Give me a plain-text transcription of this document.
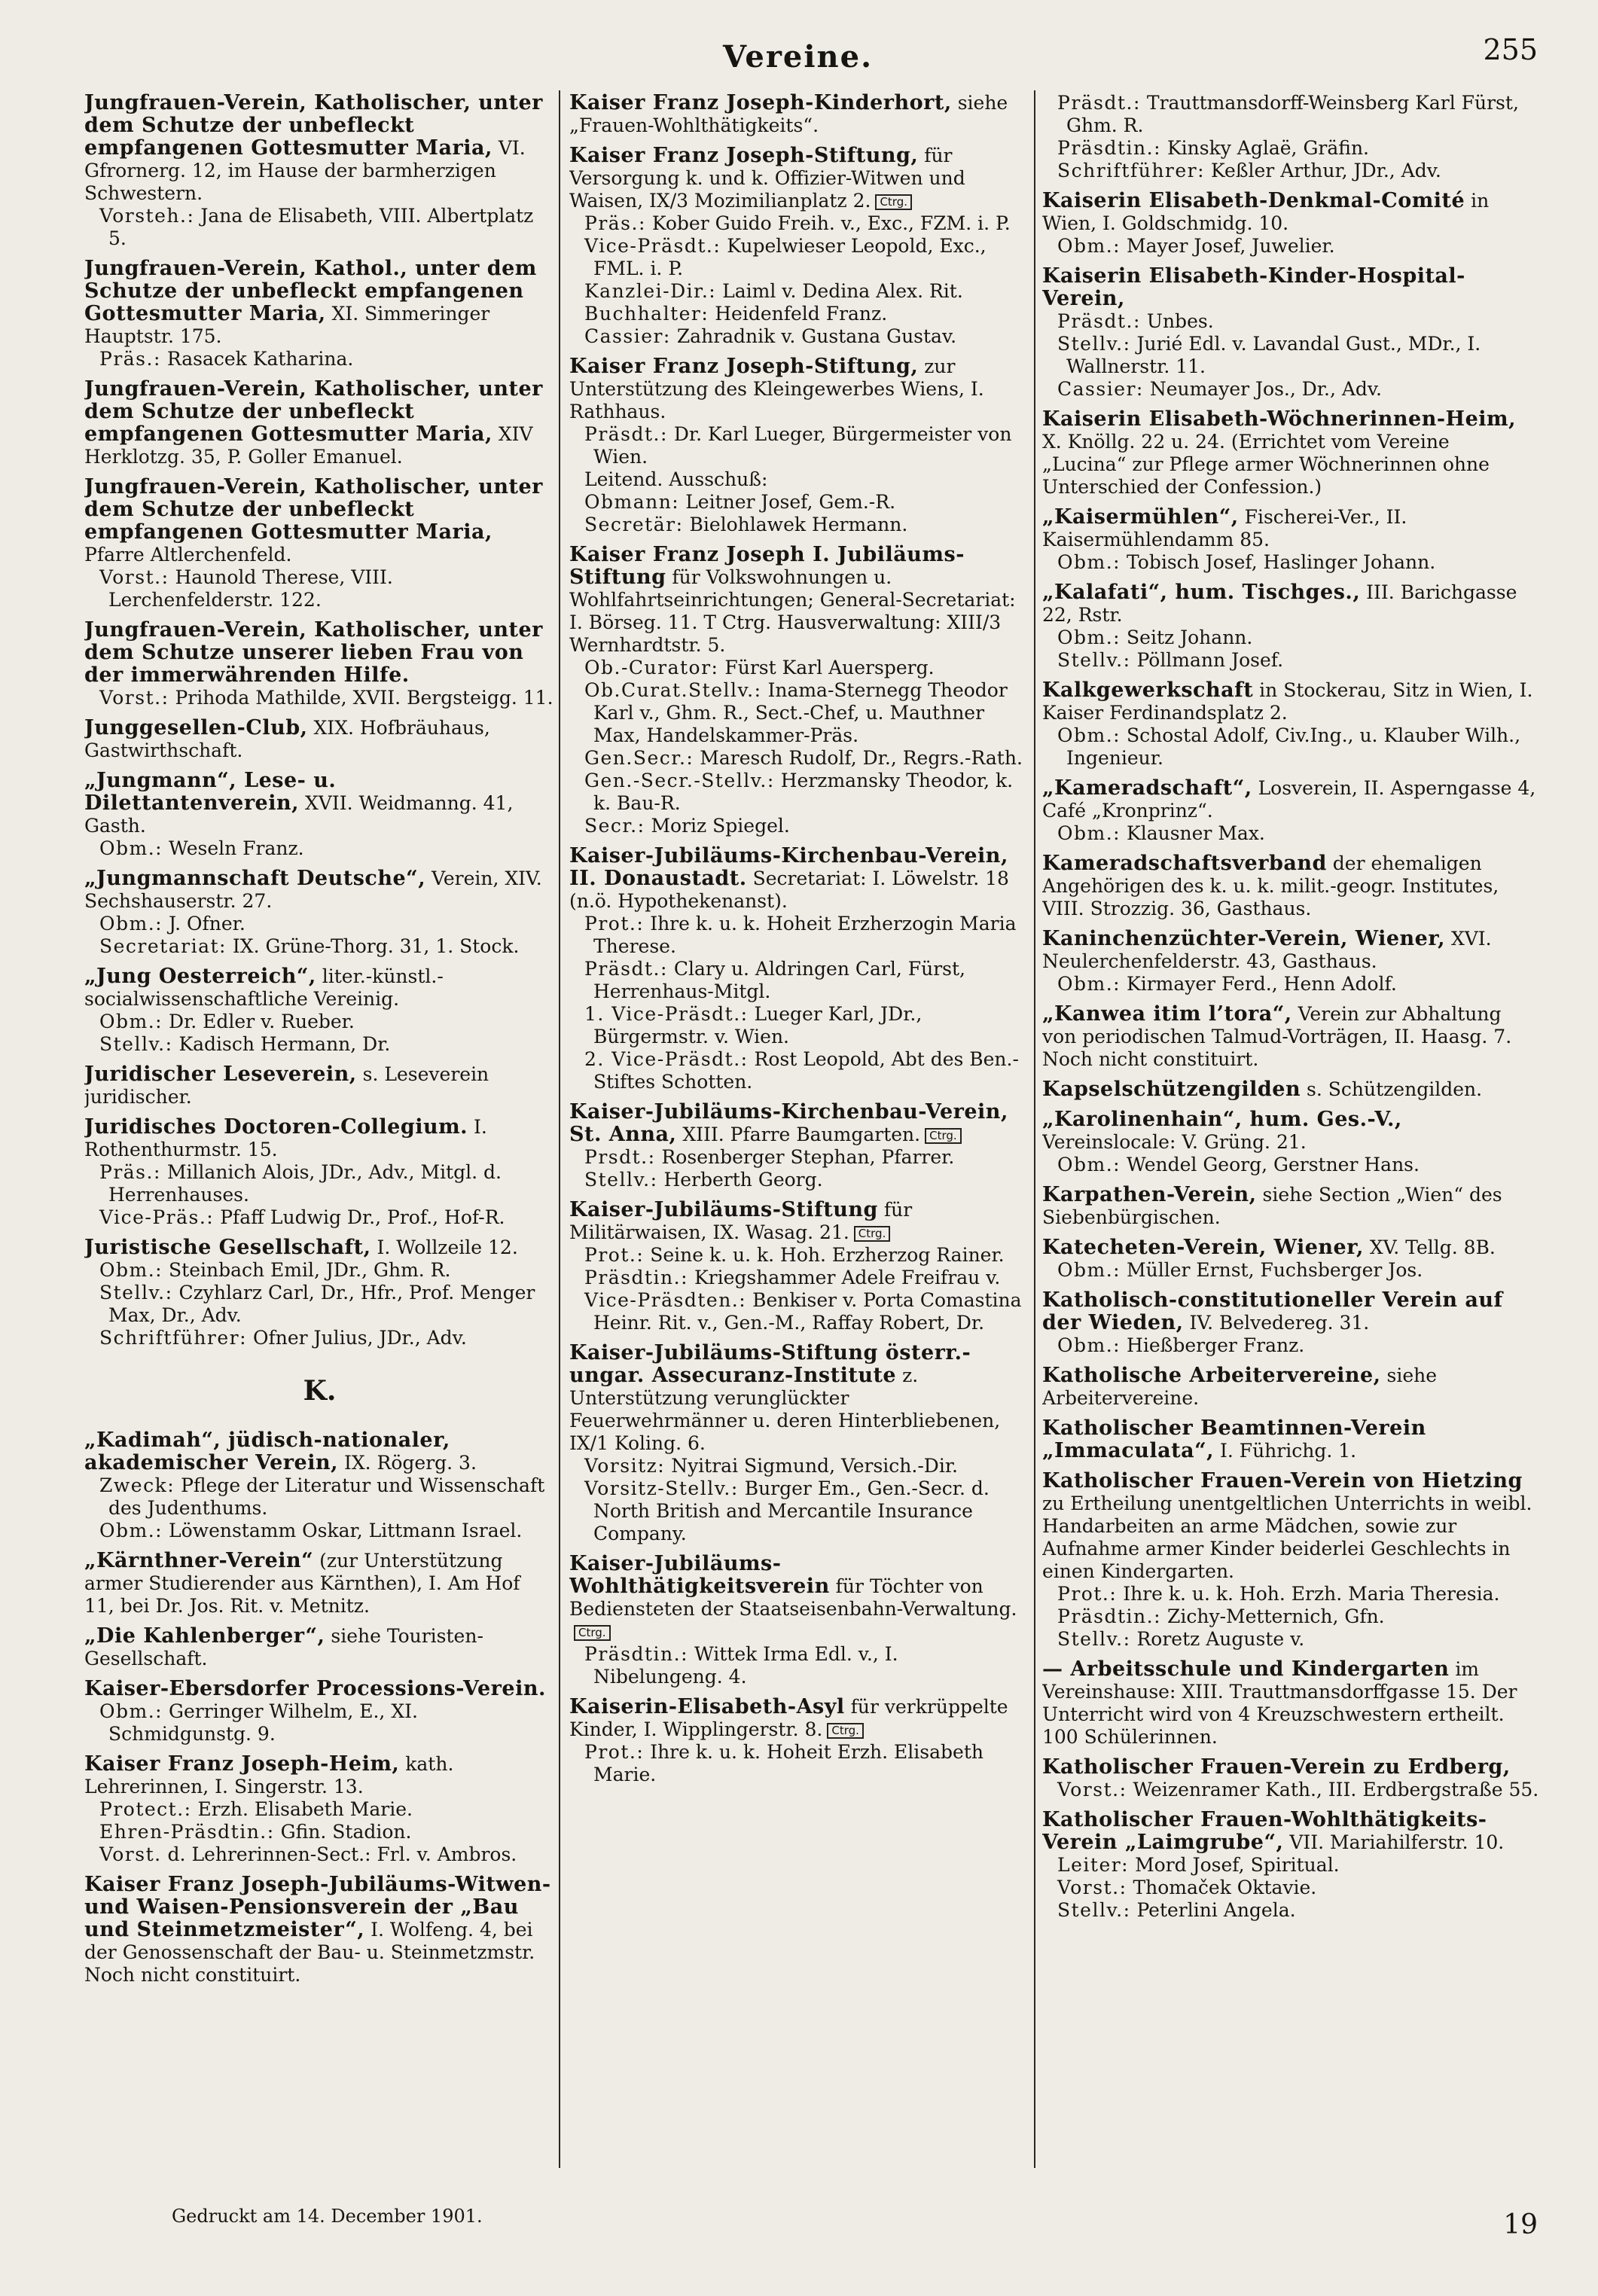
Vereine.	255
Jungfrauen-Verein, Katholischer, unter dem Schutze der unbefleckt empfangenen Gottesmutter Maria, VI. Gfrornerg. 12, im Hause der barmherzigen Schwestern.
Vorsteh.: Jana de Elisabeth, VIII. Albertplatz 5.
Jungfrauen-Verein, Kathol., unter dem Schutze der unbefleckt empfangenen Gottesmutter Maria, XI. Simmeringer Hauptstr. 175.
Präs.: Rasacek Katharina.
Jungfrauen-Verein, Katholischer, unter dem Schutze der unbefleckt empfangenen Gottesmutter Maria, XIV Herklotzg. 35, P. Goller Emanuel.
Jungfrauen-Verein, Katholischer, unter dem Schutze der unbefleckt empfangenen Gottesmutter Maria, Pfarre Altlerchenfeld.
Vorst.: Haunold Therese, VIII. Lerchenfelderstr. 122.
Jungfrauen-Verein, Katholischer, unter dem Schutze unserer lieben Frau von der immerwährenden Hilfe.
Vorst.: Prihoda Mathilde, XVII. Bergsteigg. 11.
Junggesellen-Club, XIX. Hofbräuhaus, Gastwirthschaft.
„Jungmann“, Lese- u. Dilettantenverein, XVII. Weidmanng. 41, Gasth.
Obm.: Weseln Franz.
„Jungmannschaft Deutsche“, Verein, XIV. Sechshauserstr. 27.
Obm.: J. Ofner.
Secretariat: IX. Grüne-Thorg. 31, 1. Stock.
„Jung Oesterreich“, liter.-künstl.-socialwissenschaftliche Vereinig.
Obm.: Dr. Edler v. Rueber.
Stellv.: Kadisch Hermann, Dr.
Juridischer Leseverein, s. Leseverein juridischer.
Juridisches Doctoren-Collegium. I. Rothenthurmstr. 15.
Präs.: Millanich Alois, JDr., Adv., Mitgl. d. Herrenhauses.
Vice-Präs.: Pfaff Ludwig Dr., Prof., Hof-R.
Juristische Gesellschaft, I. Wollzeile 12.
Obm.: Steinbach Emil, JDr., Ghm. R.
Stellv.: Czyhlarz Carl, Dr., Hfr., Prof. Menger Max, Dr., Adv.
Schriftführer: Ofner Julius, JDr., Adv.
K.
„Kadimah“, jüdisch-nationaler, akademischer Verein, IX. Rögerg. 3.
Zweck: Pflege der Literatur und Wissenschaft des Judenthums.
Obm.: Löwenstamm Oskar, Littmann Israel.
„Kärnthner-Verein“ (zur Unterstützung armer Studierender aus Kärnthen), I. Am Hof 11, bei Dr. Jos. Rit. v. Metnitz.
„Die Kahlenberger“, siehe Touristen-Gesellschaft.
Kaiser-Ebersdorfer Processions-Verein.
Obm.: Gerringer Wilhelm, E., XI. Schmidgunstg. 9.
Kaiser Franz Joseph-Heim, kath. Lehrerinnen, I. Singerstr. 13.
Protect.: Erzh. Elisabeth Marie.
Ehren-Präsdtin.: Gfin. Stadion.
Vorst. d. Lehrerinnen-Sect.: Frl. v. Ambros.
Kaiser Franz Joseph-Jubiläums-Witwen- und Waisen-Pensionsverein der „Bau und Steinmetzmeister“, I. Wolfeng. 4, bei der Genossenschaft der Bau- u. Steinmetzmstr. Noch nicht constituirt.
Kaiser Franz Joseph-Kinderhort, siehe „Frauen-Wohlthätigkeits“.
Kaiser Franz Joseph-Stiftung, für Versorgung k. und k. Offizier-Witwen und Waisen, IX/3 Mozimilianplatz 2. Ctrg.
Präs.: Kober Guido Freih. v., Exc., FZM. i. P.
Vice-Präsdt.: Kupelwieser Leopold, Exc., FML. i. P.
Kanzlei-Dir.: Laiml v. Dedina Alex. Rit.
Buchhalter: Heidenfeld Franz.
Cassier: Zahradnik v. Gustana Gustav.
Kaiser Franz Joseph-Stiftung, zur Unterstützung des Kleingewerbes Wiens, I. Rathhaus.
Präsdt.: Dr. Karl Lueger, Bürgermeister von Wien.
Leitend. Ausschuß:
Obmann: Leitner Josef, Gem.-R.
Secretär: Bielohlawek Hermann.
Kaiser Franz Joseph I. Jubiläums-Stiftung für Volkswohnungen u. Wohlfahrtseinrichtungen; General-Secretariat: I. Börseg. 11. T Ctrg. Hausverwaltung: XIII/3 Wernhardtstr. 5.
Ob.-Curator: Fürst Karl Auersperg.
Ob.Curat.Stellv.: Inama-Sternegg Theodor Karl v., Ghm. R., Sect.-Chef, u. Mauthner Max, Handelskammer-Präs.
Gen.Secr.: Maresch Rudolf, Dr., Regrs.-Rath.
Gen.-Secr.-Stellv.: Herzmansky Theodor, k. k. Bau-R.
Secr.: Moriz Spiegel.
Kaiser-Jubiläums-Kirchenbau-Verein, II. Donaustadt. Secretariat: I. Löwelstr. 18 (n.ö. Hypothekenanst).
Prot.: Ihre k. u. k. Hoheit Erzherzogin Maria Therese.
Präsdt.: Clary u. Aldringen Carl, Fürst, Herrenhaus-Mitgl.
1. Vice-Präsdt.: Lueger Karl, JDr., Bürgermstr. v. Wien.
2. Vice-Präsdt.: Rost Leopold, Abt des Ben.-Stiftes Schotten.
Kaiser-Jubiläums-Kirchenbau-Verein, St. Anna, XIII. Pfarre Baumgarten. Ctrg.
Prsdt.: Rosenberger Stephan, Pfarrer.
Stellv.: Herberth Georg.
Kaiser-Jubiläums-Stiftung für Militärwaisen, IX. Wasag. 21. Ctrg.
Prot.: Seine k. u. k. Hoh. Erzherzog Rainer.
Präsdtin.: Kriegshammer Adele Freifrau v.
Vice-Präsdten.: Benkiser v. Porta Comastina Heinr. Rit. v., Gen.-M., Raffay Robert, Dr.
Kaiser-Jubiläums-Stiftung österr.-ungar. Assecuranz-Institute z. Unterstützung verunglückter Feuerwehrmänner u. deren Hinterbliebenen, IX/1 Koling. 6.
Vorsitz: Nyitrai Sigmund, Versich.-Dir.
Vorsitz-Stellv.: Burger Em., Gen.-Secr. d. North British and Mercantile Insurance Company.
Kaiser-Jubiläums-Wohlthätigkeitsverein für Töchter von Bediensteten der Staatseisenbahn-Verwaltung.Ctrg.
Präsdtin.: Wittek Irma Edl. v., I. Nibelungeng. 4.
Kaiserin-Elisabeth-Asyl für verkrüppelte Kinder, I. Wipplingerstr. 8. Ctrg.
Prot.: Ihre k. u. k. Hoheit Erzh. Elisabeth Marie.
Präsdt.: Trauttmansdorff-Weinsberg Karl Fürst, Ghm. R.
Präsdtin.: Kinsky Aglaë, Gräfin.
Schriftführer: Keßler Arthur, JDr., Adv.
Kaiserin Elisabeth-Denkmal-Comité in Wien, I. Goldschmidg. 10.
Obm.: Mayer Josef, Juwelier.
Kaiserin Elisabeth-Kinder-Hospital-Verein,
Präsdt.: Unbes.
Stellv.: Jurié Edl. v. Lavandal Gust., MDr., I. Wallnerstr. 11.
Cassier: Neumayer Jos., Dr., Adv.
Kaiserin Elisabeth-Wöchnerinnen-Heim, X. Knöllg. 22 u. 24. (Errichtet vom Vereine „Lucina“ zur Pflege armer Wöchnerinnen ohne Unterschied der Confession.)
„Kaisermühlen“, Fischerei-Ver., II. Kaisermühlendamm 85.
Obm.: Tobisch Josef, Haslinger Johann.
„Kalafati“, hum. Tischges., III. Barichgasse 22, Rstr.
Obm.: Seitz Johann.
Stellv.: Pöllmann Josef.
Kalkgewerkschaft in Stockerau, Sitz in Wien, I. Kaiser Ferdinandsplatz 2.
Obm.: Schostal Adolf, Civ.Ing., u. Klauber Wilh., Ingenieur.
„Kameradschaft“, Losverein, II. Asperngasse 4, Café „Kronprinz“.
Obm.: Klausner Max.
Kameradschaftsverband der ehemaligen Angehörigen des k. u. k. milit.-geogr. Institutes, VIII. Strozzig. 36, Gasthaus.
Kaninchenzüchter-Verein, Wiener, XVI. Neulerchenfelderstr. 43, Gasthaus.
Obm.: Kirmayer Ferd., Henn Adolf.
„Kanwea itim l’tora“, Verein zur Abhaltung von periodischen Talmud-Vorträgen, II. Haasg. 7. Noch nicht constituirt.
Kapselschützengilden s. Schützengilden.
„Karolinenhain“, hum. Ges.-V., Vereinslocale: V. Grüng. 21.
Obm.: Wendel Georg, Gerstner Hans.
Karpathen-Verein, siehe Section „Wien“ des Siebenbürgischen.
Katecheten-Verein, Wiener, XV. Tellg. 8B.
Obm.: Müller Ernst, Fuchsberger Jos.
Katholisch-constitutioneller Verein auf der Wieden, IV. Belvedereg. 31.
Obm.: Hießberger Franz.
Katholische Arbeitervereine, siehe Arbeitervereine.
Katholischer Beamtinnen-Verein „Immaculata“, I. Führichg. 1.
Katholischer Frauen-Verein von Hietzing zu Ertheilung unentgeltlichen Unterrichts in weibl. Handarbeiten an arme Mädchen, sowie zur Aufnahme armer Kinder beiderlei Geschlechts in einen Kindergarten.
Prot.: Ihre k. u. k. Hoh. Erzh. Maria Theresia.
Präsdtin.: Zichy-Metternich, Gfn.
Stellv.: Roretz Auguste v.
— Arbeitsschule und Kindergarten im Vereinshause: XIII. Trauttmansdorffgasse 15. Der Unterricht wird von 4 Kreuzschwestern ertheilt. 100 Schülerinnen.
Katholischer Frauen-Verein zu Erdberg,
Vorst.: Weizenramer Kath., III. Erdbergstraße 55.
Katholischer Frauen-Wohlthätigkeits-Verein „Laimgrube“, VII. Mariahilferstr. 10.
Leiter: Mord Josef, Spiritual.
Vorst.: Thomaček Oktavie.
Stellv.: Peterlini Angela.
Gedruckt am 14. December 1901.	19
